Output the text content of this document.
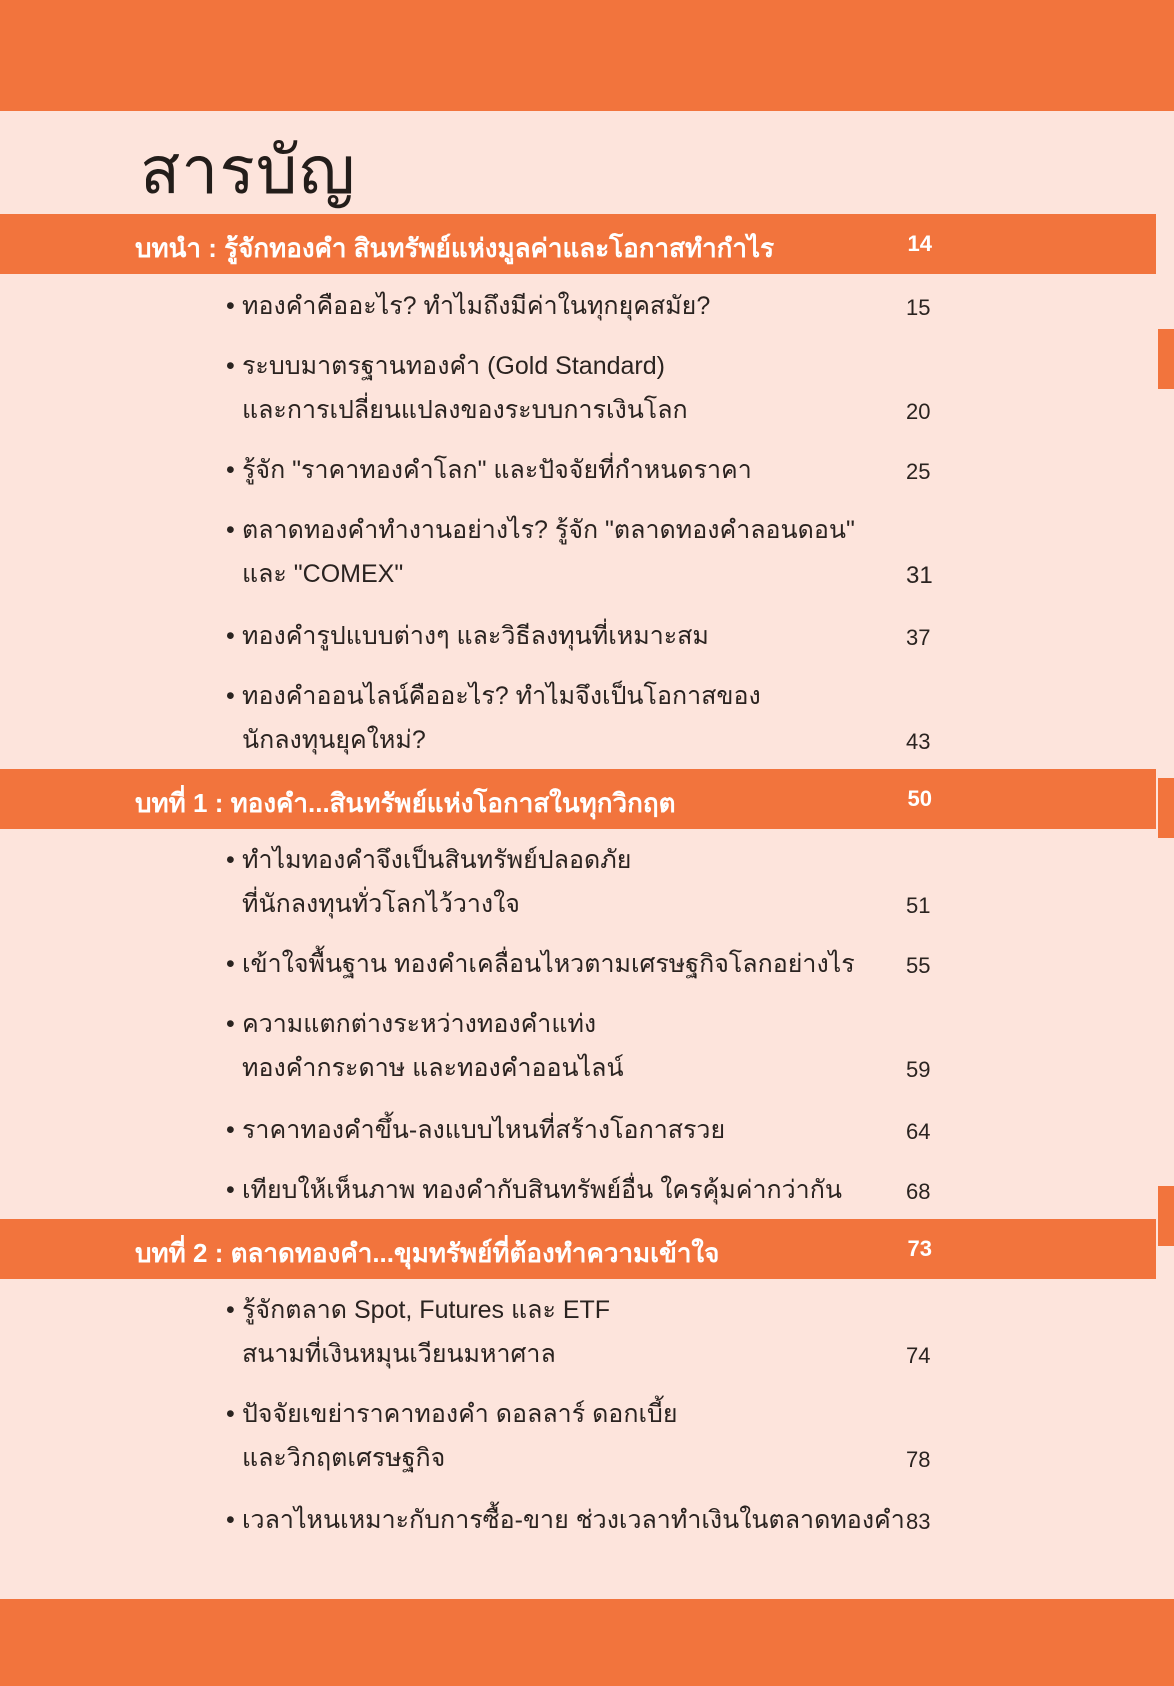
สารบัญ
บทนำ : รู้จักทองคำ สินทรัพย์แห่งมูลค่าและโอกาสทำกำไร	14
• ทองคำคืออะไร? ทำไมถึงมีค่าในทุกยุคสมัย?	15
• ระบบมาตรฐานทองคำ (Gold Standard)
และการเปลี่ยนแปลงของระบบการเงินโลก	20
• รู้จัก "ราคาทองคำโลก" และปัจจัยที่กำหนดราคา	25
• ตลาดทองคำทำงานอย่างไร? รู้จัก "ตลาดทองคำลอนดอน"
และ "COMEX"	31
• ทองคำรูปแบบต่างๆ และวิธีลงทุนที่เหมาะสม	37
• ทองคำออนไลน์คืออะไร? ทำไมจึงเป็นโอกาสของ
นักลงทุนยุคใหม่?	43
บทที่ 1 : ทองคำ...สินทรัพย์แห่งโอกาสในทุกวิกฤต	50
• ทำไมทองคำจึงเป็นสินทรัพย์ปลอดภัย
ที่นักลงทุนทั่วโลกไว้วางใจ	51
• เข้าใจพื้นฐาน ทองคำเคลื่อนไหวตามเศรษฐกิจโลกอย่างไร 55
• ความแตกต่างระหว่างทองคำแท่ง
ทองคำกระดาษ และทองคำออนไลน์	59
• ราคาทองคำขึ้น-ลงแบบไหนที่สร้างโอกาสรวย	64
• เทียบให้เห็นภาพ ทองคำกับสินทรัพย์อื่น ใครคุ้มค่ากว่ากัน	68
บทที่ 2 : ตลาดทองคำ...ขุมทรัพย์ที่ต้องทำความเข้าใจ	73
• รู้จักตลาด Spot, Futures และ ETF
สนามที่เงินหมุนเวียนมหาศาล	74
• ปัจจัยเขย่าราคาทองคำ ดอลลาร์ ดอกเบี้ย
และวิกฤตเศรษฐกิจ	78
• เวลาไหนเหมาะกับการซื้อ-ขาย ช่วงเวลาทำเงินในตลาดทองคำ 83
